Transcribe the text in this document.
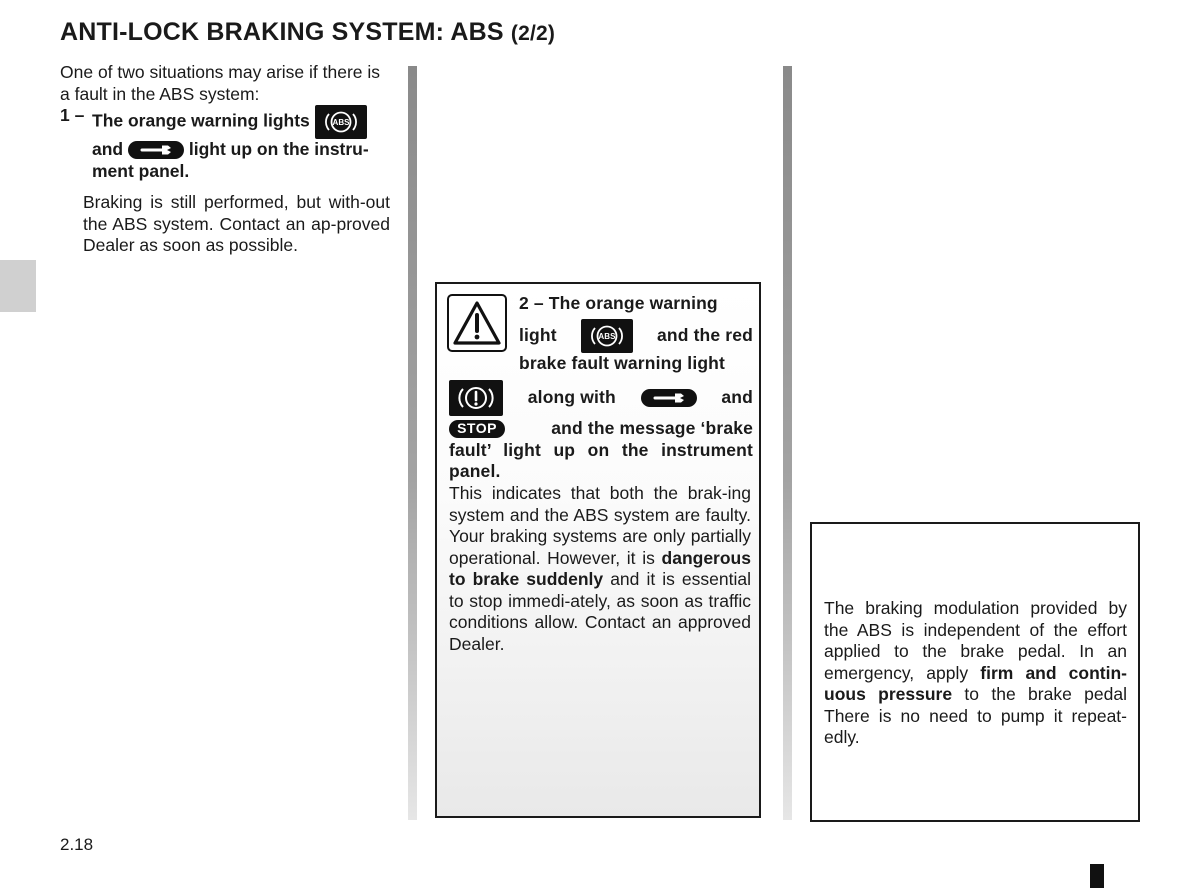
ANTI-LOCK BRAKING SYSTEM: ABS (2/2)

One of two situations may arise if there is a fault in the ABS system:

1 – The orange warning lights	ABS

and	light up on the instru-ment panel.

Braking is still performed, but with-out the ABS system. Contact an ap-proved Dealer as soon as possible.

2 – The orange warning
light	ABS and the red
brake fault warning light
along with	and
STOP	and the message ‘brake
fault’ light up on the instrument panel.

This indicates that both the brak-ing system and the ABS system are faulty. Your braking systems are only partially operational. However, it is dangerous to brake suddenly and it is essential to stop immedi-ately, as soon as traffic conditions allow. Contact an approved Dealer.

The braking modulation provided by the ABS is independent of the effort applied to the brake pedal. In an emergency, apply firm and contin-uous pressure to the brake pedal There is no need to pump it repeat-edly.

2.18
